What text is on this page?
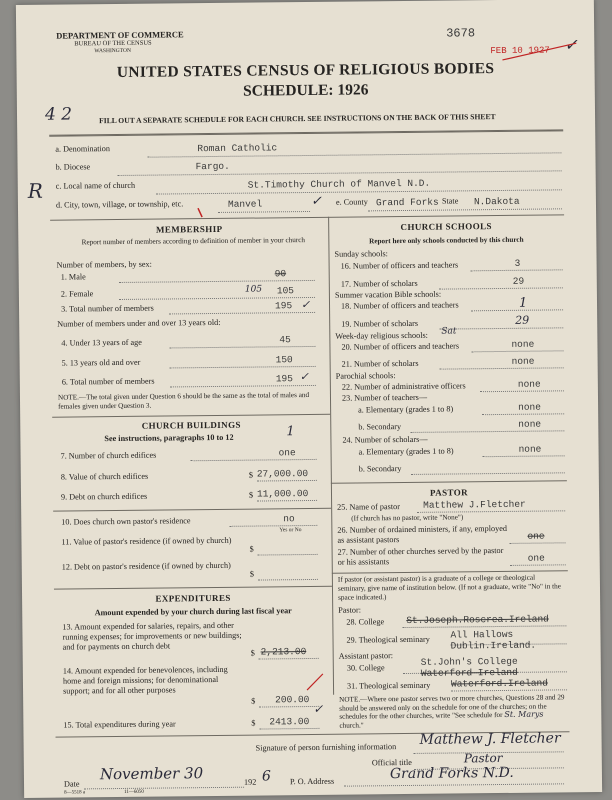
DEPARTMENT OF COMMERCE
BUREAU OF THE CENSUS
WASHINGTON
3678
FEB 10 1927 ✓
UNITED STATES CENSUS OF RELIGIOUS BODIES
SCHEDULE: 1926
4 2	FILL OUT A SEPARATE SCHEDULE FOR EACH CHURCH. SEE INSTRUCTIONS ON THE BACK OF THIS SHEET
a. Denomination	Roman Catholic
b. Diocese	Fargo.
R c. Local name of church	St.Timothy Church of Manvel N.D.
d. City, town, village, or township, etc.	Manvel	✓ e. County Grand Forks State N.Dakota
MEMBERSHIP
Report number of members according to definition of member in your church
Number of members, by sex:
1. Male	90
2. Female	105 105
3. Total number of members	195 ✓
Number of members under and over 13 years old:
4. Under 13 years of age	45
5. 13 years old and over	150
6. Total number of members	195 ✓
NOTE.—The total given under Question 6 should be the same as the total of males and females given under Question 3.
CHURCH BUILDINGS
See instructions, paragraphs 10 to 12	1
7. Number of church edifices	one
8. Value of church edifices	$ 27,000.00
9. Debt on church edifices	$ 11,000.00
10. Does church own pastor's residence	no
Yes or No
11. Value of pastor's residence (if owned by church)
$
12. Debt on pastor's residence (if owned by church)
$
EXPENDITURES
Amount expended by your church during last fiscal year
13. Amount expended for salaries, repairs, and other running expenses; for improvements or new buildings; and for payments on church debt
$ 2,213.00
14. Amount expended for benevolences, including home and foreign missions; for denominational support; and for all other purposes
$ 200.00
15. Total expenditures during year	$ 2413.00
✓
CHURCH SCHOOLS
Report here only schools conducted by this church
Sunday schools:
16. Number of officers and teachers	3
17. Number of scholars	29
Summer vacation Bible schools:
18. Number of officers and teachers	1
19. Number of scholars	29
Week-day religious schools: Sat
20. Number of officers and teachers	none
21. Number of scholars	none
Parochial schools:
22. Number of administrative officers	none
23. Number of teachers—
a. Elementary (grades 1 to 8)	none
b. Secondary	none
24. Number of scholars—
a. Elementary (grades 1 to 8)	none
b. Secondary
PASTOR
25. Name of pastor Matthew J.Fletcher
(If church has no pastor, write "None")
26. Number of ordained ministers, if any, employed as assistant pastors	one
27. Number of other churches served by the pastor or his assistants	one
If pastor (or assistant pastor) is a graduate of a college or theological seminary, give name of institution below. (If not a graduate, write "No" in the space indicated.)
Pastor:
28. College St.Joseph.Roscrea.Ireland
29. Theological seminary All Hallows
Dublin.Ireland.
Assistant pastor:
30. College
St.John's College
Waterford Ireland
31. Theological seminary Waterford.Ireland
NOTE.—Where one pastor serves two or more churches, Questions 28 and 29 should be answered only on the schedule for one of the churches; on the schedules for the other churches, write "See schedule for St. Marys church."
Signature of person furnishing information Matthew J. Fletcher
Official title	Pastor
Date
November 30	192 6 P. O. Address	Grand Forks N.D.
8—5518 a	11—6050
